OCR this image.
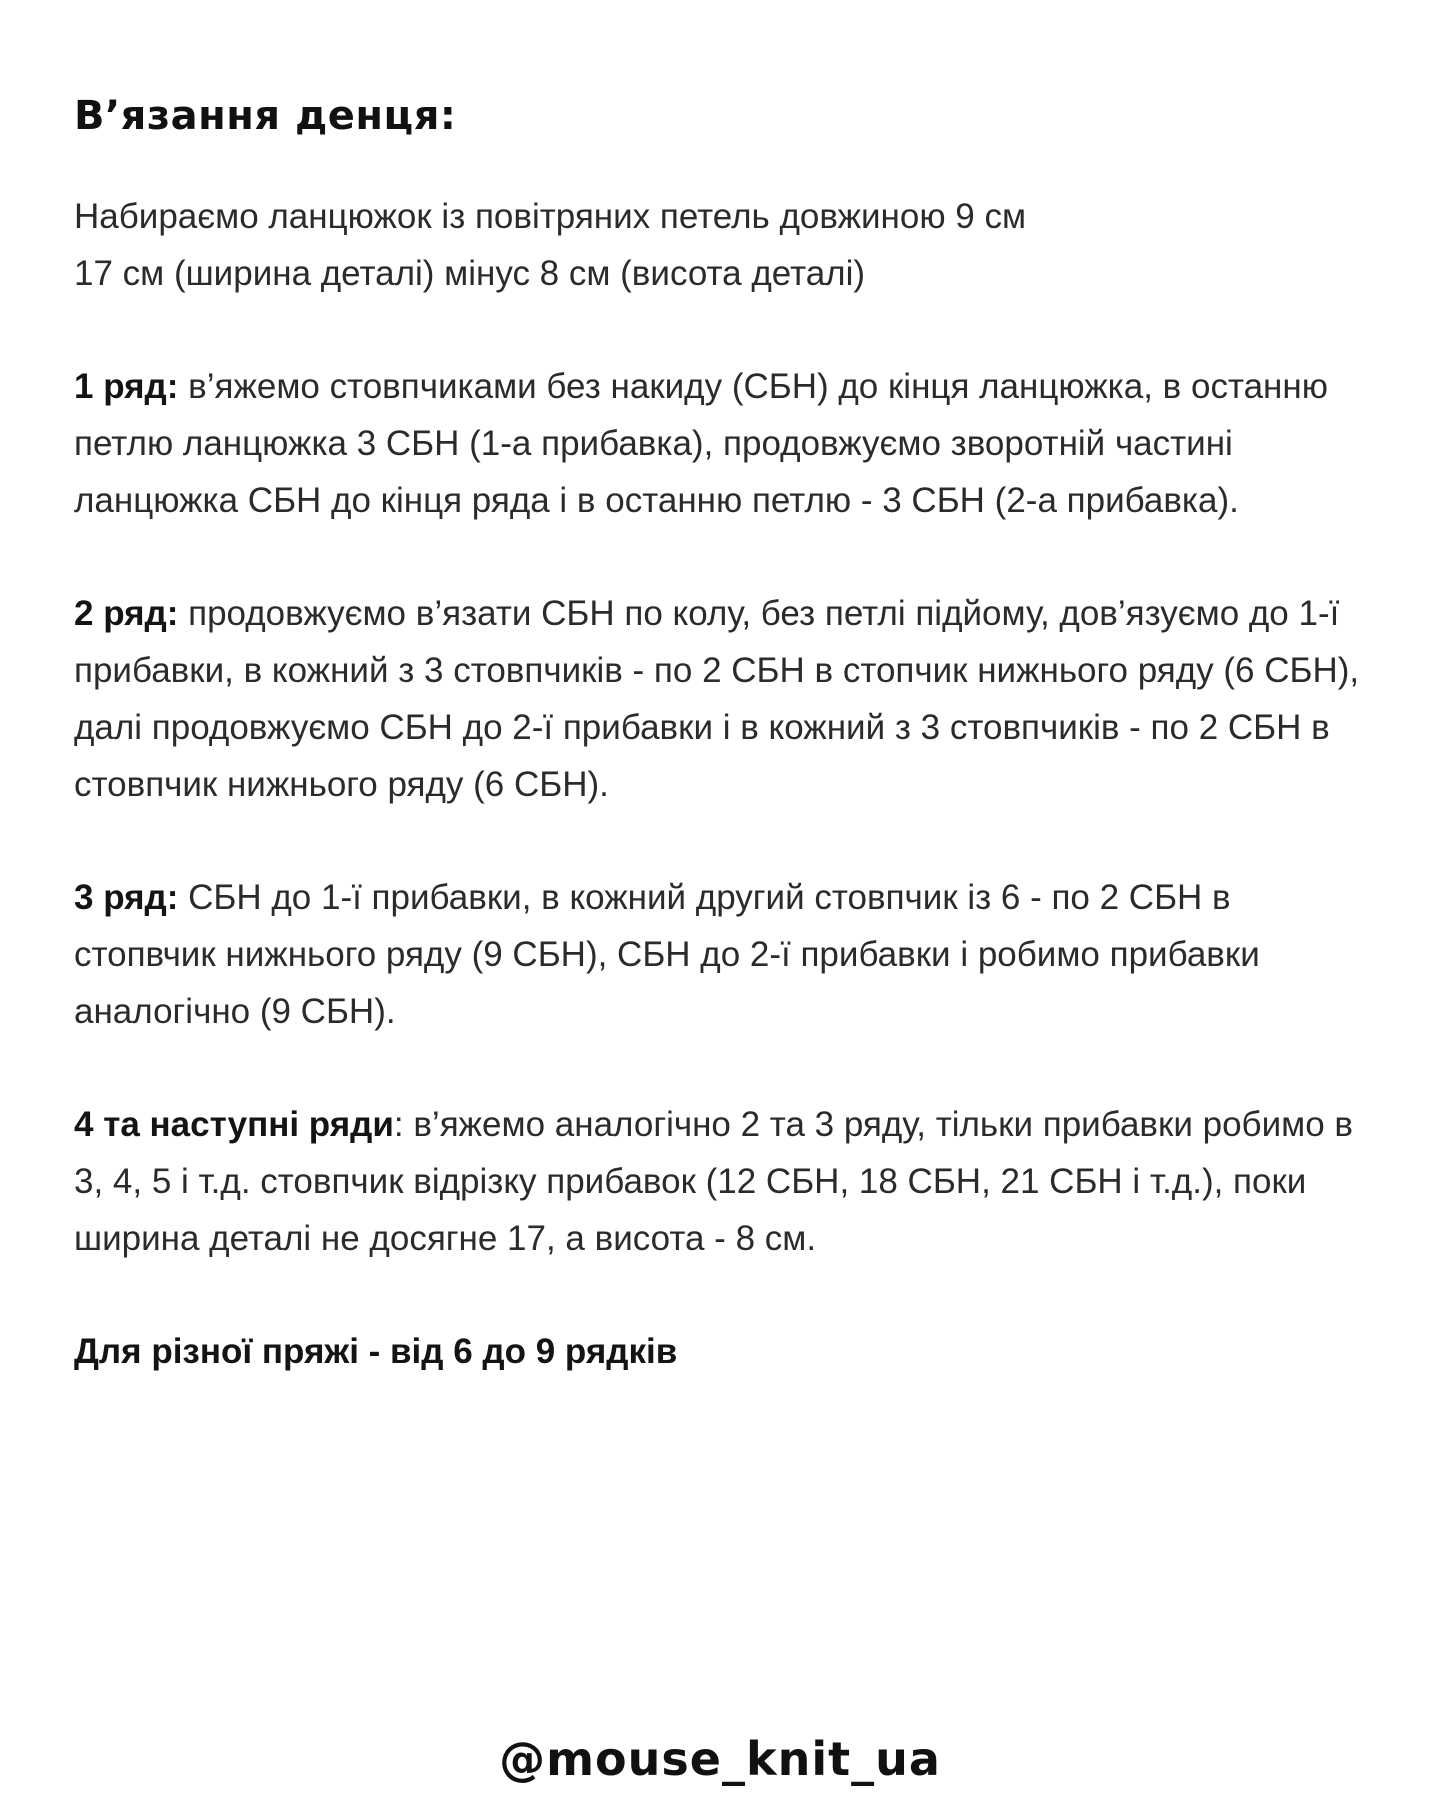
В’язання денця:

Набираємо ланцюжок із повітряних петель довжиною 9 см
17 см (ширина деталі) мінус 8 см (висота деталі)

1 ряд: в’яжемо стовпчиками без накиду (СБН) до кінця ланцюжка, в останню петлю ланцюжка 3 СБН (1-а прибавка), продовжуємо зворотній частині ланцюжка СБН до кінця ряда і в останню петлю - 3 СБН (2-а прибавка).

2 ряд: продовжуємо в’язати СБН по колу, без петлі підйому, дов’язуємо до 1-ї прибавки, в кожний з 3 стовпчиків - по 2 СБН в стопчик нижнього ряду (6 СБН), далі продовжуємо СБН до 2-ї прибавки і в кожний з 3 стовпчиків - по 2 СБН в стовпчик нижнього ряду (6 СБН).

3 ряд: СБН до 1-ї прибавки, в кожний другий стовпчик із 6 - по 2 СБН в стопвчик нижнього ряду (9 СБН), СБН до 2-ї прибавки і робимо прибавки аналогічно (9 СБН).

4 та наступні ряди: в’яжемо аналогічно 2 та 3 ряду, тільки прибавки робимо в 3, 4, 5 і т.д. стовпчик відрізку прибавок (12 СБН, 18 СБН, 21 СБН і т.д.), поки ширина деталі не досягне 17, а висота - 8 см.

Для різної пряжі - від 6 до 9 рядків

@mouse_knit_ua
